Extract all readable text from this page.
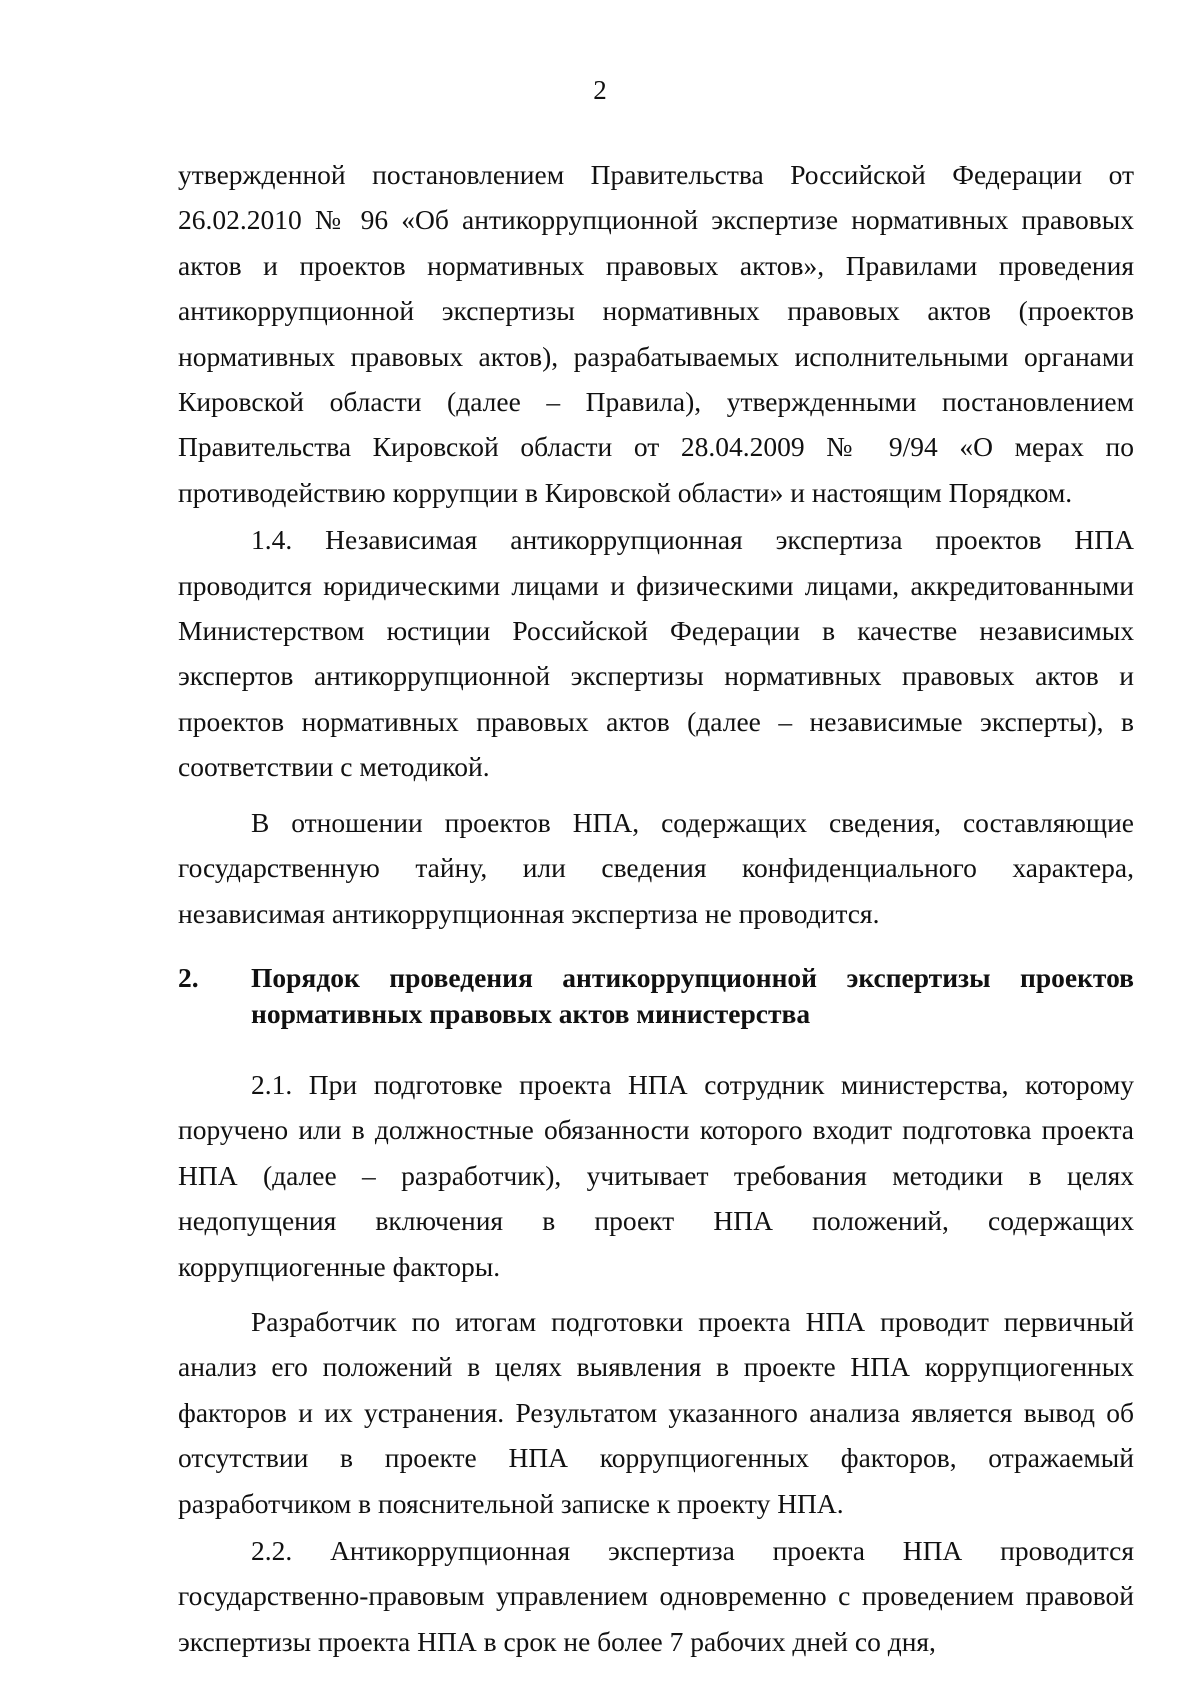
2

утвержденной постановлением Правительства Российской Федерации от 26.02.2010 № 96 «Об антикоррупционной экспертизе нормативных правовых актов и проектов нормативных правовых актов», Правилами проведения антикоррупционной экспертизы нормативных правовых актов (проектов нормативных правовых актов), разрабатываемых исполнительными органами Кировской области (далее – Правила), утвержденными постановлением Правительства Кировской области от 28.04.2009 № 9/94 «О мерах по противодействию коррупции в Кировской области» и настоящим Порядком.

1.4. Независимая антикоррупционная экспертиза проектов НПА проводится юридическими лицами и физическими лицами, аккредитованными Министерством юстиции Российской Федерации в качестве независимых экспертов антикоррупционной экспертизы нормативных правовых актов и проектов нормативных правовых актов (далее – независимые эксперты), в соответствии с методикой.

В отношении проектов НПА, содержащих сведения, составляющие государственную тайну, или сведения конфиденциального характера, независимая антикоррупционная экспертиза не проводится.

2.	Порядок проведения антикоррупционной экспертизы проектов нормативных правовых актов министерства

2.1. При подготовке проекта НПА сотрудник министерства, которому поручено или в должностные обязанности которого входит подготовка проекта НПА (далее – разработчик), учитывает требования методики в целях недопущения включения в проект НПА положений, содержащих коррупциогенные факторы.

Разработчик по итогам подготовки проекта НПА проводит первичный анализ его положений в целях выявления в проекте НПА коррупциогенных факторов и их устранения. Результатом указанного анализа является вывод об отсутствии в проекте НПА коррупциогенных факторов, отражаемый разработчиком в пояснительной записке к проекту НПА.

2.2. Антикоррупционная экспертиза проекта НПА проводится государственно-правовым управлением одновременно с проведением правовой экспертизы проекта НПА в срок не более 7 рабочих дней со дня,
